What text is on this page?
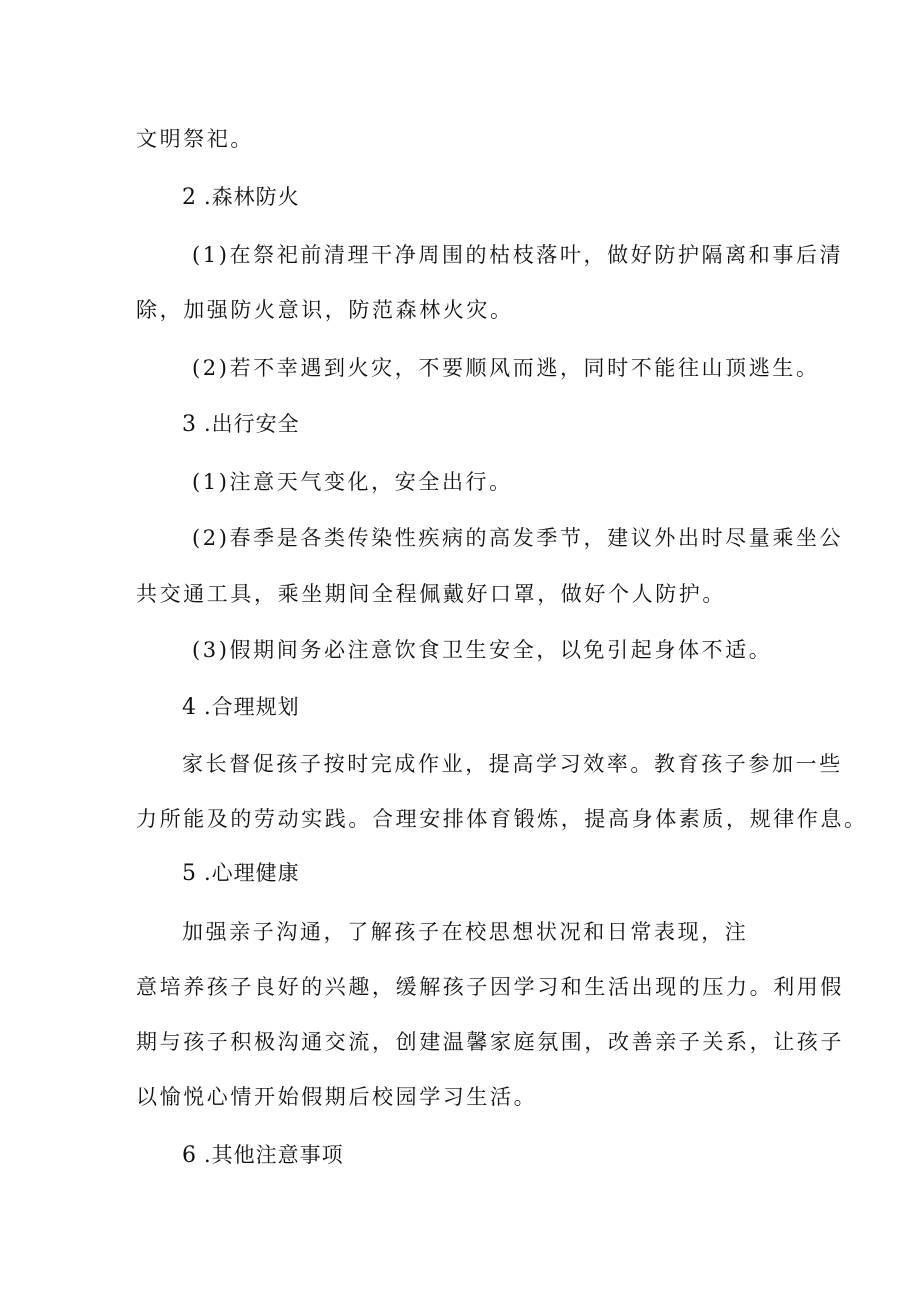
文明祭祀。
2 .森林防火
(1)在祭祀前清理干净周围的枯枝落叶，做好防护隔离和事后清
除，加强防火意识，防范森林火灾。
(2)若不幸遇到火灾，不要顺风而逃，同时不能往山顶逃生。
3 .出行安全
(1)注意天气变化，安全出行。
(2)春季是各类传染性疾病的高发季节，建议外出时尽量乘坐公
共交通工具，乘坐期间全程佩戴好口罩，做好个人防护。
(3)假期间务必注意饮食卫生安全，以免引起身体不适。
4 .合理规划
家长督促孩子按时完成作业，提高学习效率。教育孩子参加一些
力所能及的劳动实践。合理安排体育锻炼，提高身体素质，规律作息。
5 .心理健康
加强亲子沟通，了解孩子在校思想状况和日常表现，注
意培养孩子良好的兴趣，缓解孩子因学习和生活出现的压力。利用假
期与孩子积极沟通交流，创建温馨家庭氛围，改善亲子关系，让孩子
以愉悦心情开始假期后校园学习生活。
6 .其他注意事项
